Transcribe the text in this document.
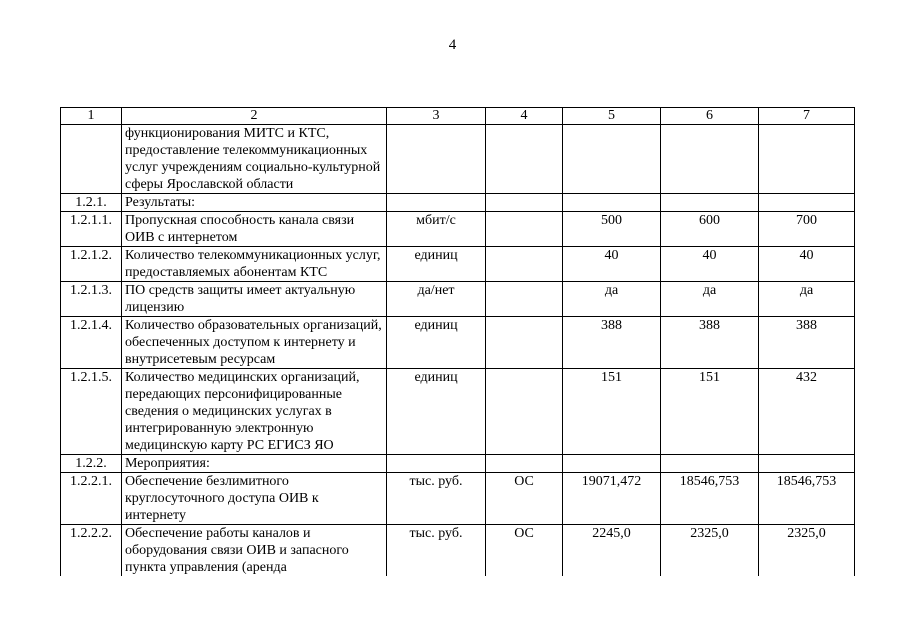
4
1	2	3	4	5	6	7
	функционирования МИТС и КТС, предоставление телекоммуникационных услуг учреждениям социально-культурной сферы Ярославской области					
1.2.1.	Результаты:					
1.2.1.1.	Пропускная способность канала связи ОИВ с интернетом	мбит/с		500	600	700
1.2.1.2.	Количество телекоммуникационных услуг, предоставляемых абонентам КТС	единиц		40	40	40
1.2.1.3.	ПО средств защиты имеет актуальную лицензию	да/нет		да	да	да
1.2.1.4.	Количество образовательных организаций, обеспеченных доступом к интернету и внутрисетевым ресурсам	единиц		388	388	388
1.2.1.5.	Количество медицинских организаций, передающих персонифицированные сведения о медицинских услугах в интегрированную электронную медицинскую карту РС ЕГИСЗ ЯО	единиц		151	151	432
1.2.2.	Мероприятия:					
1.2.2.1.	Обеспечение безлимитного круглосуточного доступа ОИВ к интернету	тыс. руб.	ОС	19071,472	18546,753	18546,753
1.2.2.2.	Обеспечение работы каналов и оборудования связи ОИВ и запасного пункта управления (аренда	тыс. руб.	ОС	2245,0	2325,0	2325,0
